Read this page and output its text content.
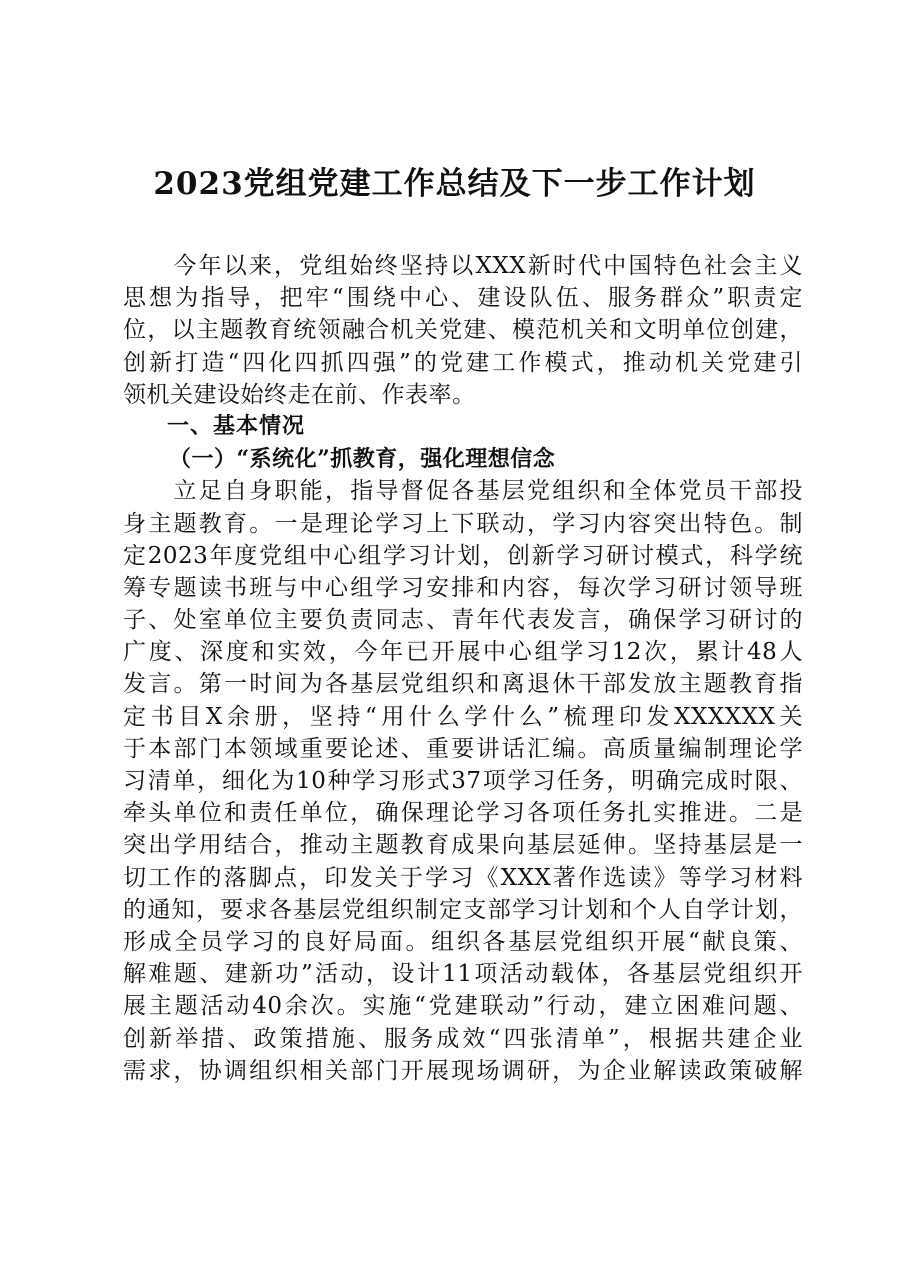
2023党组党建工作总结及下一步工作计划
　　今年以来，党组始终坚持以XXX新时代中国特色社会主义
思想为指导，把牢“围绕中心、建设队伍、服务群众”职责定
位，以主题教育统领融合机关党建、模范机关和文明单位创建，
创新打造“四化四抓四强”的党建工作模式，推动机关党建引
领机关建设始终走在前、作表率。
一、基本情况
（一）“系统化”抓教育，强化理想信念
　　立足自身职能，指导督促各基层党组织和全体党员干部投
身主题教育。一是理论学习上下联动，学习内容突出特色。制
定2023年度党组中心组学习计划，创新学习研讨模式，科学统
筹专题读书班与中心组学习安排和内容，每次学习研讨领导班
子、处室单位主要负责同志、青年代表发言，确保学习研讨的
广度、深度和实效，今年已开展中心组学习12次，累计48人
发言。第一时间为各基层党组织和离退休干部发放主题教育指
定书目X余册，坚持“用什么学什么”梳理印发XXXXXX关
于本部门本领域重要论述、重要讲话汇编。高质量编制理论学
习清单，细化为10种学习形式37项学习任务，明确完成时限、
牵头单位和责任单位，确保理论学习各项任务扎实推进。二是
突出学用结合，推动主题教育成果向基层延伸。坚持基层是一
切工作的落脚点，印发关于学习《XXX著作选读》等学习材料
的通知，要求各基层党组织制定支部学习计划和个人自学计划，
形成全员学习的良好局面。组织各基层党组织开展“献良策、
解难题、建新功”活动，设计11项活动载体，各基层党组织开
展主题活动40余次。实施“党建联动”行动，建立困难问题、
创新举措、政策措施、服务成效“四张清单”，根据共建企业
需求，协调组织相关部门开展现场调研，为企业解读政策破解
